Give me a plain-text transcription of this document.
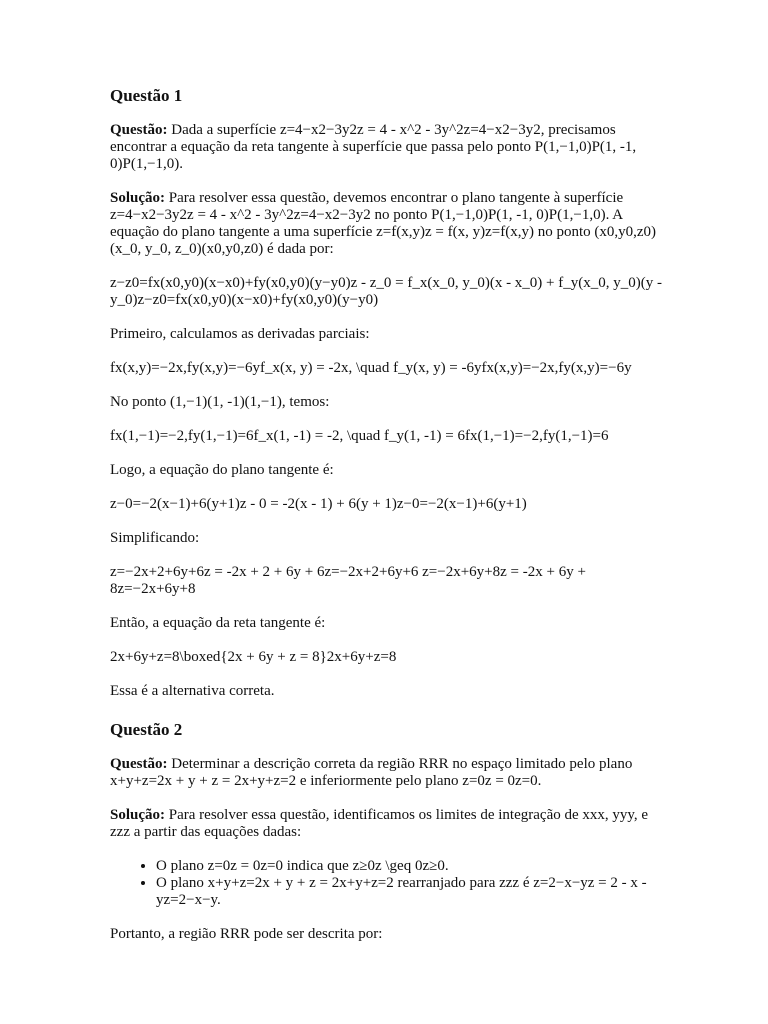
Questão 1

Questão: Dada a superfície z=4−x2−3y2z = 4 - x^2 - 3y^2z=4−x2−3y2, precisamos encontrar a equação da reta tangente à superfície que passa pelo ponto P(1,−1,0)P(1, -1, 0)P(1,−1,0).

Solução: Para resolver essa questão, devemos encontrar o plano tangente à superfície z=4−x2−3y2z = 4 - x^2 - 3y^2z=4−x2−3y2 no ponto P(1,−1,0)P(1, -1, 0)P(1,−1,0). A equação do plano tangente a uma superfície z=f(x,y)z = f(x, y)z=f(x,y) no ponto (x0,y0,z0)(x_0, y_0, z_0)(x0,y0,z0) é dada por:

z−z0=fx(x0,y0)(x−x0)+fy(x0,y0)(y−y0)z - z_0 = f_x(x_0, y_0)(x - x_0) + f_y(x_0, y_0)(y - y_0)z−z0=fx(x0,y0)(x−x0)+fy(x0,y0)(y−y0)

Primeiro, calculamos as derivadas parciais:

fx(x,y)=−2x,fy(x,y)=−6yf_x(x, y) = -2x, \quad f_y(x, y) = -6yfx(x,y)=−2x,fy(x,y)=−6y

No ponto (1,−1)(1, -1)(1,−1), temos:

fx(1,−1)=−2,fy(1,−1)=6f_x(1, -1) = -2, \quad f_y(1, -1) = 6fx(1,−1)=−2,fy(1,−1)=6

Logo, a equação do plano tangente é:

z−0=−2(x−1)+6(y+1)z - 0 = -2(x - 1) + 6(y + 1)z−0=−2(x−1)+6(y+1)

Simplificando:

z=−2x+2+6y+6z = -2x + 2 + 6y + 6z=−2x+2+6y+6 z=−2x+6y+8z = -2x + 6y + 8z=−2x+6y+8

Então, a equação da reta tangente é:

2x+6y+z=8\boxed{2x + 6y + z = 8}2x+6y+z=8

Essa é a alternativa correta.

Questão 2

Questão: Determinar a descrição correta da região RRR no espaço limitado pelo plano x+y+z=2x + y + z = 2x+y+z=2 e inferiormente pelo plano z=0z = 0z=0.

Solução: Para resolver essa questão, identificamos os limites de integração de xxx, yyy, e zzz a partir das equações dadas:

• O plano z=0z = 0z=0 indica que z≥0z \geq 0z≥0.
• O plano x+y+z=2x + y + z = 2x+y+z=2 rearranjado para zzz é z=2−x−yz = 2 - x - yz=2−x−y.

Portanto, a região RRR pode ser descrita por:
